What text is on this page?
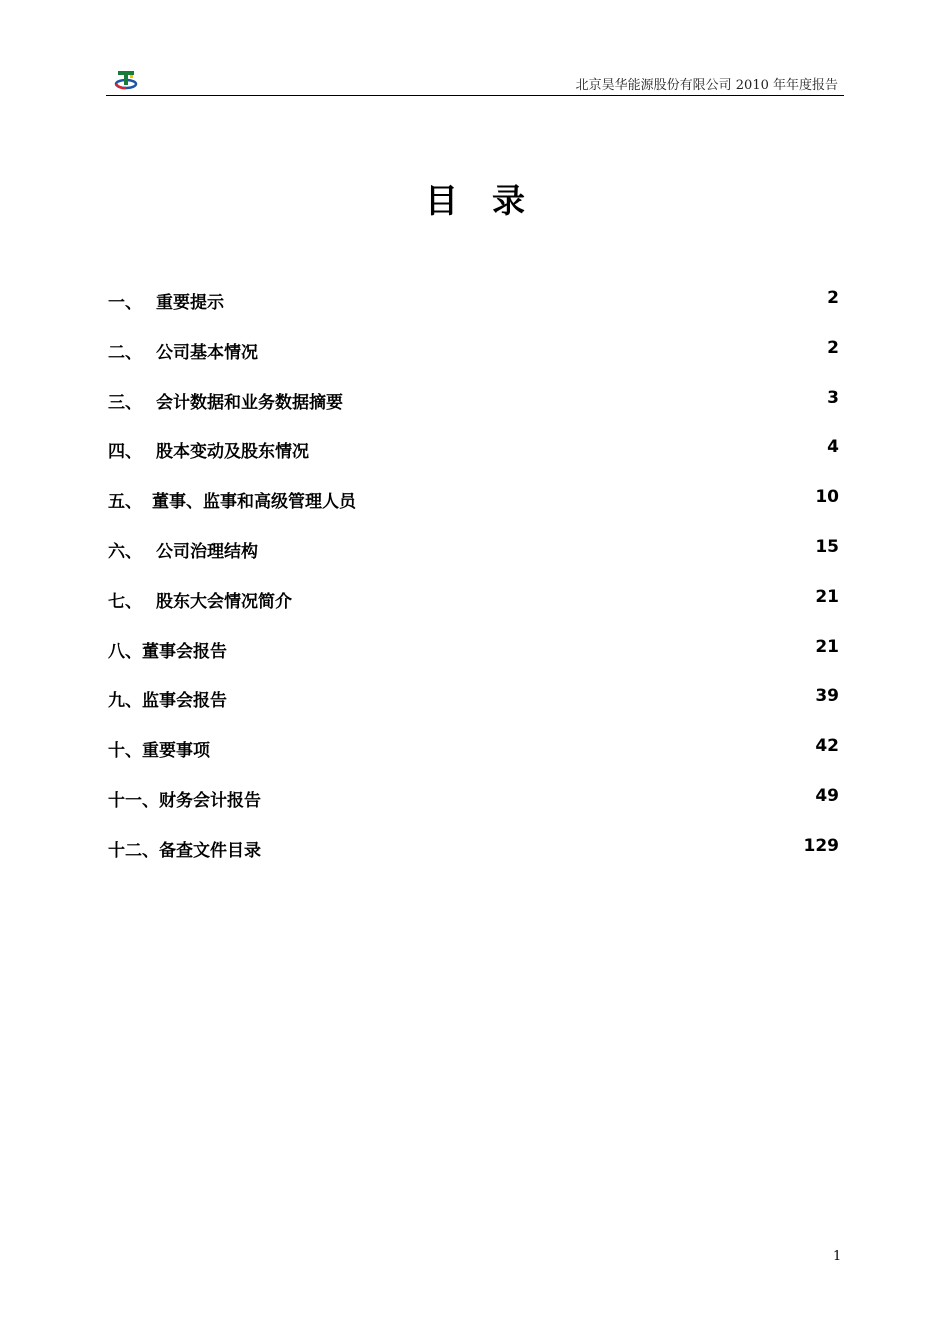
北京昊华能源股份有限公司 2010 年年度报告
目录
一、 重要提示	2
二、 公司基本情况	2
三、 会计数据和业务数据摘要	3
四、 股本变动及股东情况	4
五、 董事、监事和高级管理人员	10
六、 公司治理结构	15
七、 股东大会情况简介	21
八、董事会报告	21
九、监事会报告	39
十、重要事项	42
十一、财务会计报告	49
十二、备查文件目录	129
1
